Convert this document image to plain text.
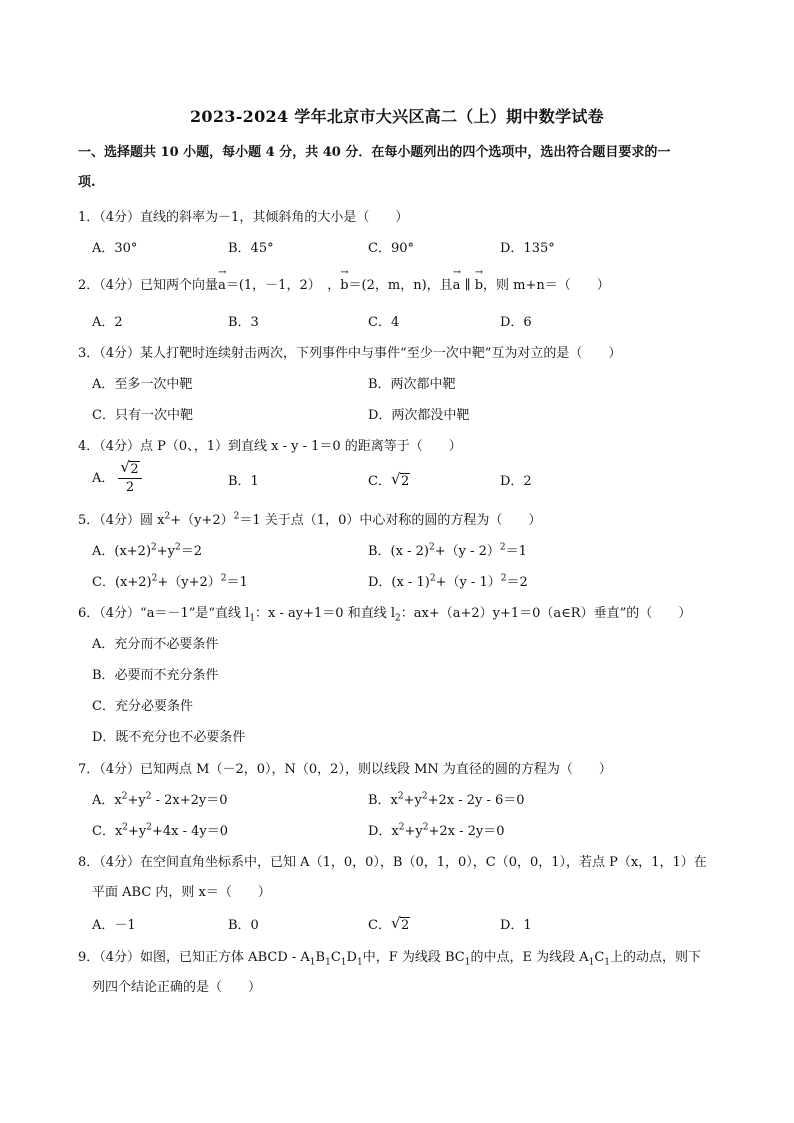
2023-2024 学年北京市大兴区高二（上）期中数学试卷
一、选择题共 10 小题，每小题 4 分，共 40 分．在每小题列出的四个选项中，选出符合题目要求的一
项.
1．（4分）直线的斜率为－1，其倾斜角的大小是（　　）
A．30°	B．45°	C．90°	D．135°
2．（4分）已知两个向量
→
a＝(1，－1，2）　，
→
b＝(2，m，n)，且
→
a ∥
→
b，则 m+n＝（　　）
A．2	B．3	C．4	D．6
3．（4分）某人打靶时连续射击两次，下列事件中与事件“至少一次中靶”互为对立的是（　　）
A．至多一次中靶	B．两次都中靶
C．只有一次中靶	D．两次都没中靶
4．（4分）点 P（0、，1）到直线 x - y - 1＝0 的距离等于（　　）
A． $\frac{√ 2}{2}$	B．1	C． √ 2	D．2
5．（4分）圆 $x^2+(y+2)^2=1$ 关于点（1，0）中心对称的圆的方程为（　　）
A．$(x+2)^2+y^2=2$	B．(x - 2)$^2$+（y - 2）$^2$＝1
C．$(x+2)^2+(y+2)^2=1$	D．(x - 1)$^2$+（y - 1）$^2$＝2
6．（4分）“a＝－1”是“直线 $l_1$：x - ay+1＝0 和直线 $l_2$：ax+（a+2）y+1＝0（a∈R）垂直”的（　　）
A．充分而不必要条件
B．必要而不充分条件
C．充分必要条件
D．既不充分也不必要条件
7．（4分）已知两点 M（－2，0），N（0，2），则以线段 MN 为直径的圆的方程为（　　）
A．$x^2+y^2 - 2x+2y=0$	B．$x^2+y^2+2x - 2y - 6=0$
C．$x^2+y^2+4x - 4y=0$	D．$x^2+y^2+2x - 2y=0$
8．（4分）在空间直角坐标系中，已知 A（1，0，0），B（0，1，0），C（0，0，1），若点 P（x，1，1）在
平面 ABC 内，则 x＝（　　）
A．－1	B．0	C． √ 2	D．1
9．（4分）如图，已知正方体 ABCD - $A_1B_1C_1D_1$中，F 为线段 $BC_1$的中点，E 为线段 $A_1C_1$上的动点，则下
列四个结论正确的是（　　）
